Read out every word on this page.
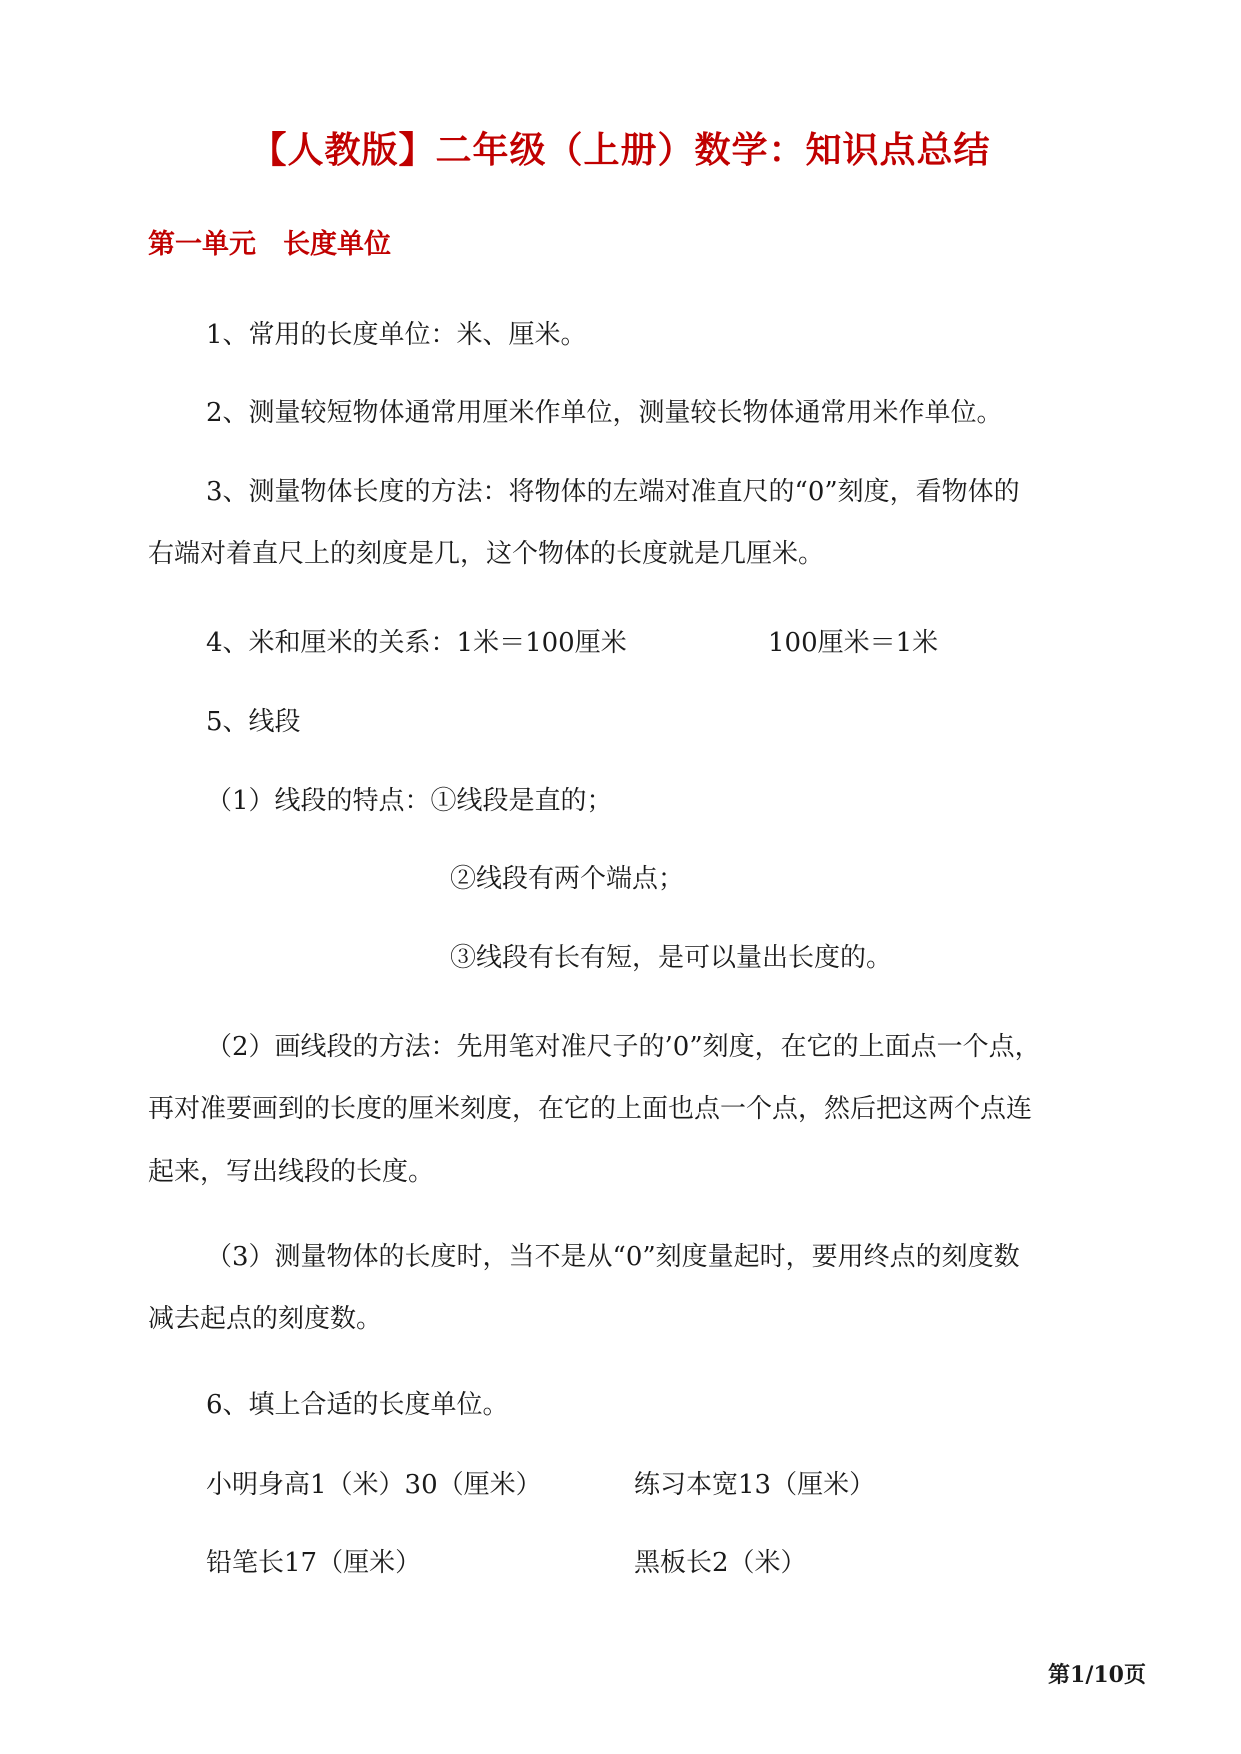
【人教版】二年级（上册）数学：知识点总结
第一单元　长度单位
1、常用的长度单位：米、厘米。
2、测量较短物体通常用厘米作单位，测量较长物体通常用米作单位。
3、测量物体长度的方法：将物体的左端对准直尺的“0”刻度，看物体的
右端对着直尺上的刻度是几，这个物体的长度就是几厘米。
4、米和厘米的关系：1米＝100厘米	100厘米＝1米
5、线段
（1）线段的特点：①线段是直的；
②线段有两个端点；
③线段有长有短，是可以量出长度的。
（2）画线段的方法：先用笔对准尺子的’0”刻度，在它的上面点一个点，
再对准要画到的长度的厘米刻度，在它的上面也点一个点，然后把这两个点连
起来，写出线段的长度。
（3）测量物体的长度时，当不是从“0”刻度量起时，要用终点的刻度数
减去起点的刻度数。
6、填上合适的长度单位。
小明身高1（米）30（厘米）	练习本宽13（厘米）
铅笔长17（厘米）	黑板长2（米）
第1/10页
